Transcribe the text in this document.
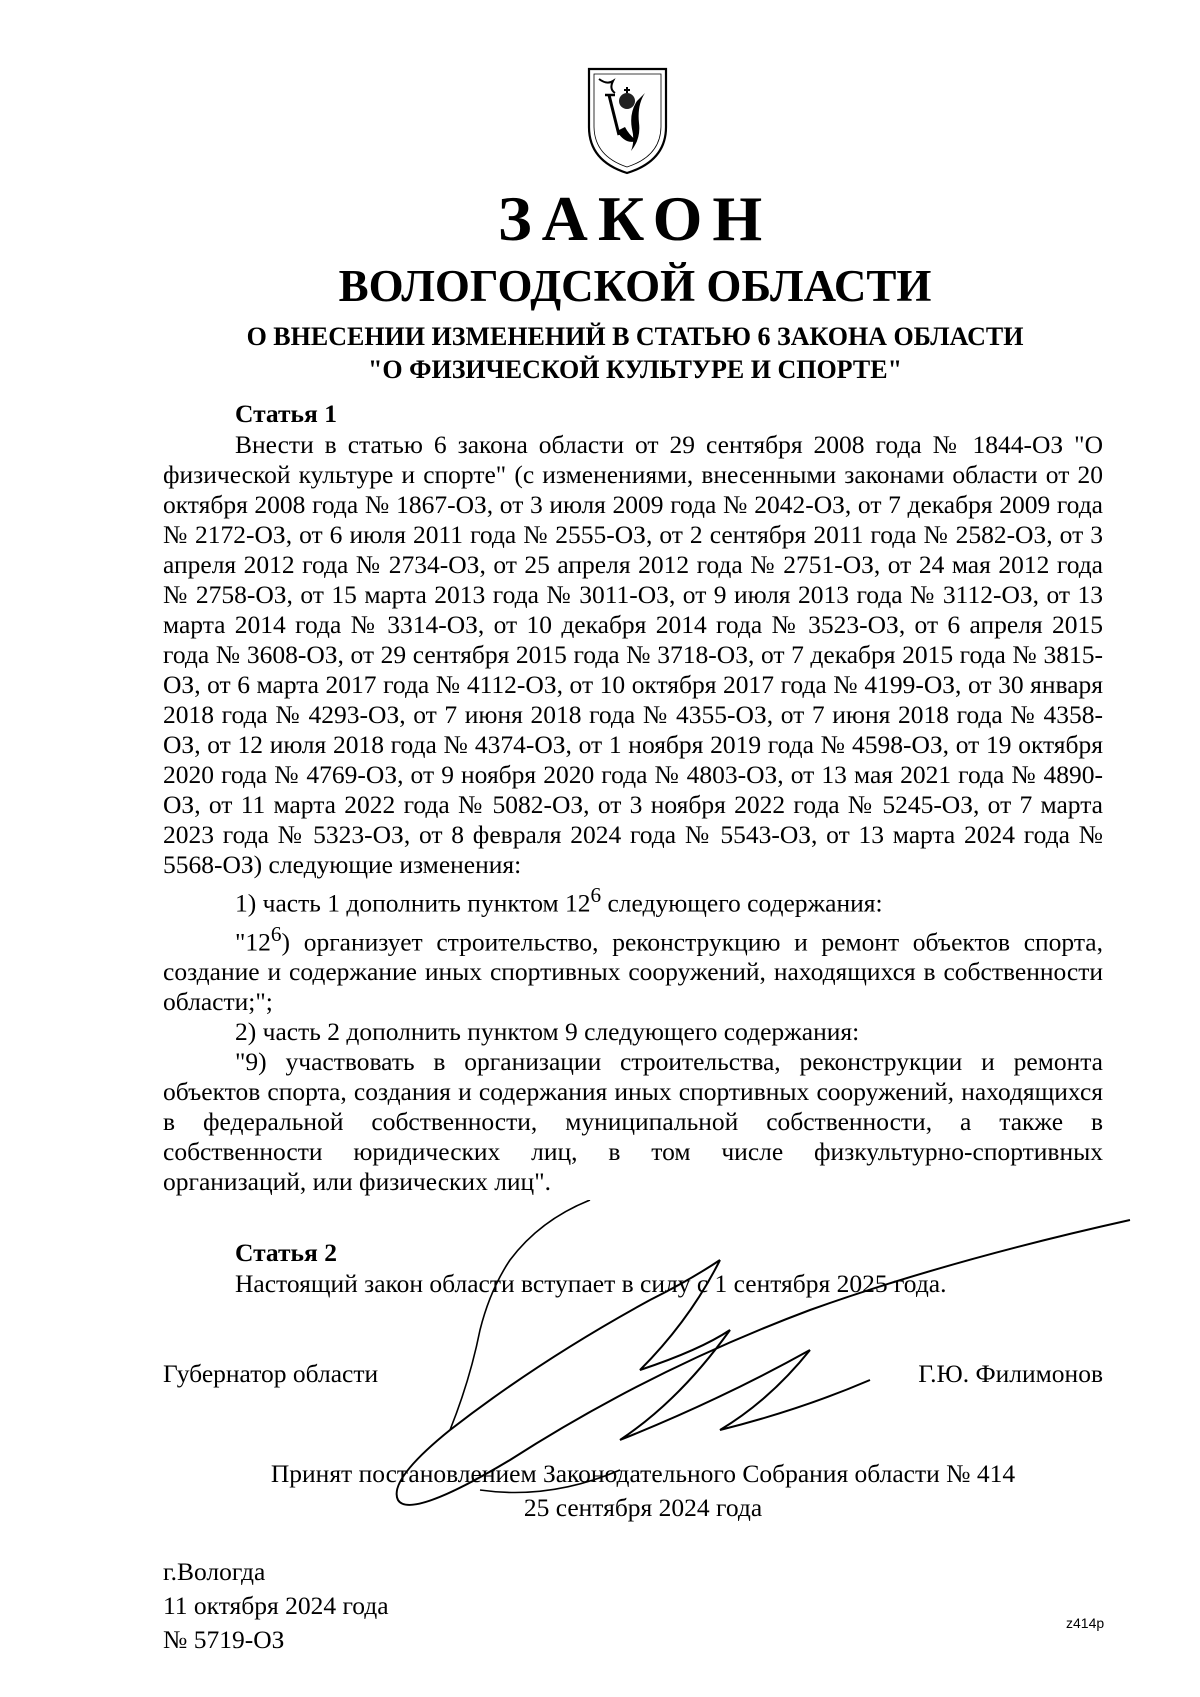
ЗАКОН
ВОЛОГОДСКОЙ ОБЛАСТИ
О ВНЕСЕНИИ ИЗМЕНЕНИЙ В СТАТЬЮ 6 ЗАКОНА ОБЛАСТИ
"О ФИЗИЧЕСКОЙ КУЛЬТУРЕ И СПОРТЕ"
Статья 1

Внести в статью 6 закона области от 29 сентября 2008 года № 1844-ОЗ "О физической культуре и спорте" (с изменениями, внесенными законами области от 20 октября 2008 года № 1867-ОЗ, от 3 июля 2009 года № 2042-ОЗ, от 7 декабря 2009 года № 2172-ОЗ, от 6 июля 2011 года № 2555-ОЗ, от 2 сентября 2011 года № 2582-ОЗ, от 3 апреля 2012 года № 2734-ОЗ, от 25 апреля 2012 года № 2751-ОЗ, от 24 мая 2012 года № 2758-ОЗ, от 15 марта 2013 года № 3011-ОЗ, от 9 июля 2013 года № 3112-ОЗ, от 13 марта 2014 года № 3314-ОЗ, от 10 декабря 2014 года № 3523-ОЗ, от 6 апреля 2015 года № 3608-ОЗ, от 29 сентября 2015 года № 3718-ОЗ, от 7 декабря 2015 года № 3815-ОЗ, от 6 марта 2017 года № 4112-ОЗ, от 10 октября 2017 года № 4199-ОЗ, от 30 января 2018 года № 4293-ОЗ, от 7 июня 2018 года № 4355-ОЗ, от 7 июня 2018 года № 4358-ОЗ, от 12 июля 2018 года № 4374-ОЗ, от 1 ноября 2019 года № 4598-ОЗ, от 19 октября 2020 года № 4769-ОЗ, от 9 ноября 2020 года № 4803-ОЗ, от 13 мая 2021 года № 4890-ОЗ, от 11 марта 2022 года № 5082-ОЗ, от 3 ноября 2022 года № 5245-ОЗ, от 7 марта 2023 года № 5323-ОЗ, от 8 февраля 2024 года № 5543-ОЗ, от 13 марта 2024 года № 5568-ОЗ) следующие изменения:

1) часть 1 дополнить пунктом $12^6$ следующего содержания:

"$12^6$) организует строительство, реконструкцию и ремонт объектов спорта, создание и содержание иных спортивных сооружений, находящихся в собственности области;";

2) часть 2 дополнить пунктом 9 следующего содержания:

"9) участвовать в организации строительства, реконструкции и ремонта объектов спорта, создания и содержания иных спортивных сооружений, находящихся в федеральной собственности, муниципальной собственности, а также в собственности юридических лиц, в том числе физкультурно-спортивных организаций, или физических лиц".

Статья 2

Настоящий закон области вступает в силу с 1 сентября 2025 года.

Губернатор области	Г.Ю. Филимонов
Принят постановлением Законодательного Собрания области № 414
25 сентября 2024 года
г.Вологда
11 октября 2024 года
№ 5719-ОЗ
z414p
